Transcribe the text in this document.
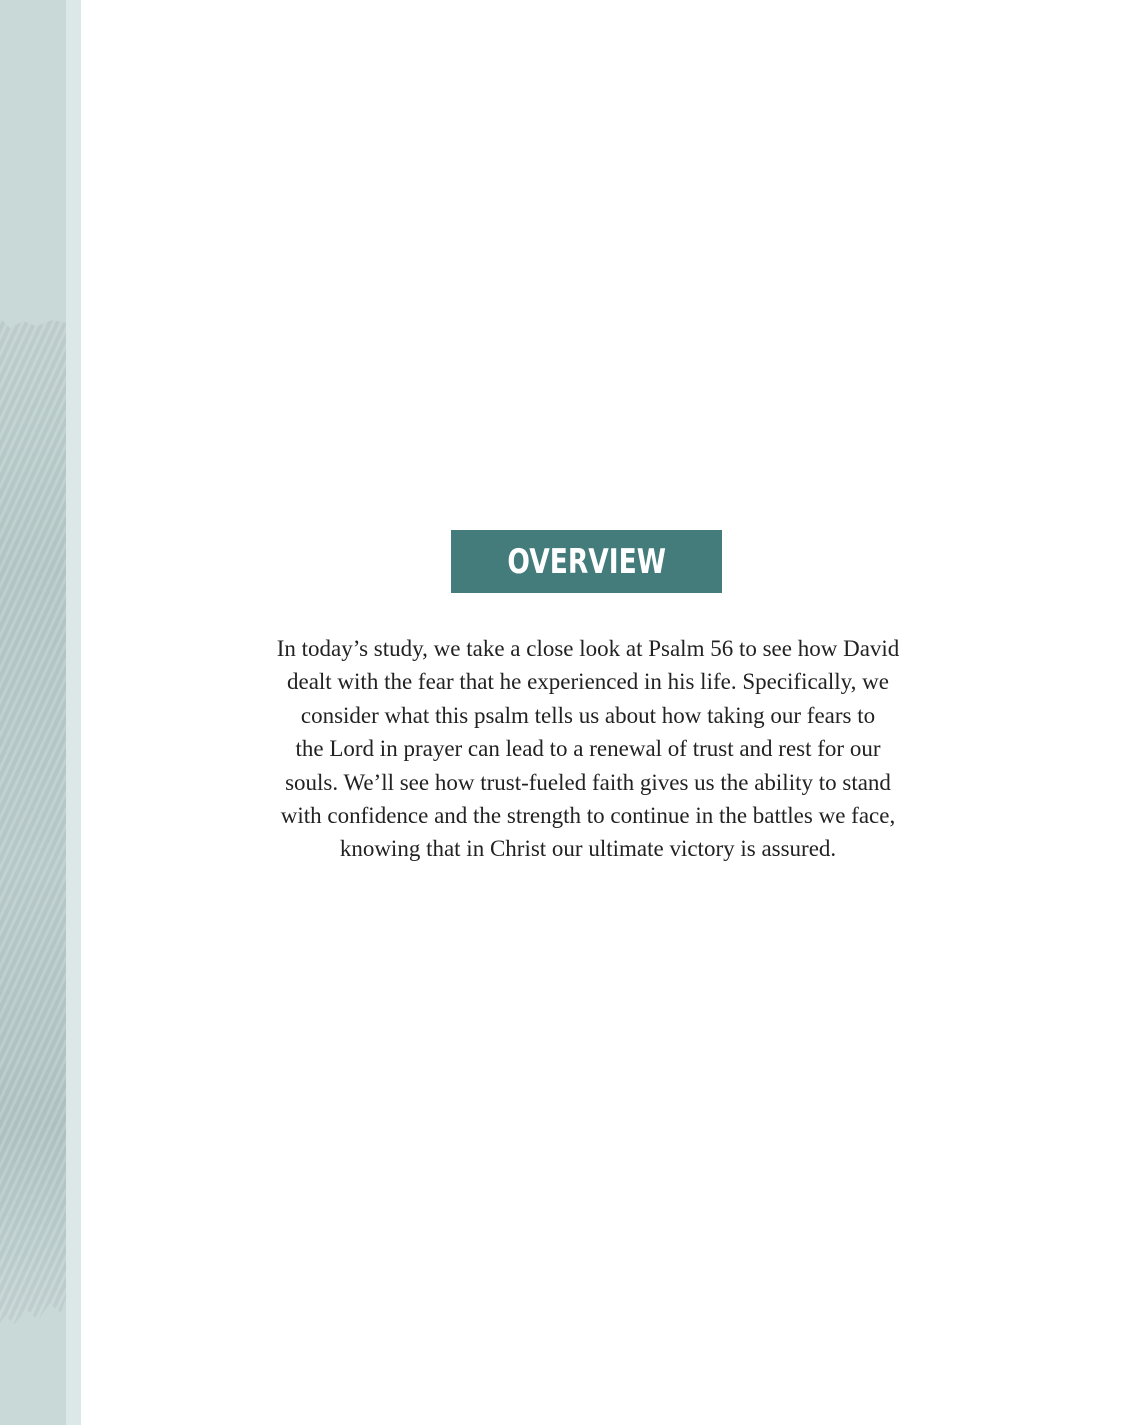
OVERVIEW

In today’s study, we take a close look at Psalm 56 to see how David
dealt with the fear that he experienced in his life. Specifically, we
consider what this psalm tells us about how taking our fears to
the Lord in prayer can lead to a renewal of trust and rest for our
souls. We’ll see how trust-fueled faith gives us the ability to stand
with confidence and the strength to continue in the battles we face,
knowing that in Christ our ultimate victory is assured.
